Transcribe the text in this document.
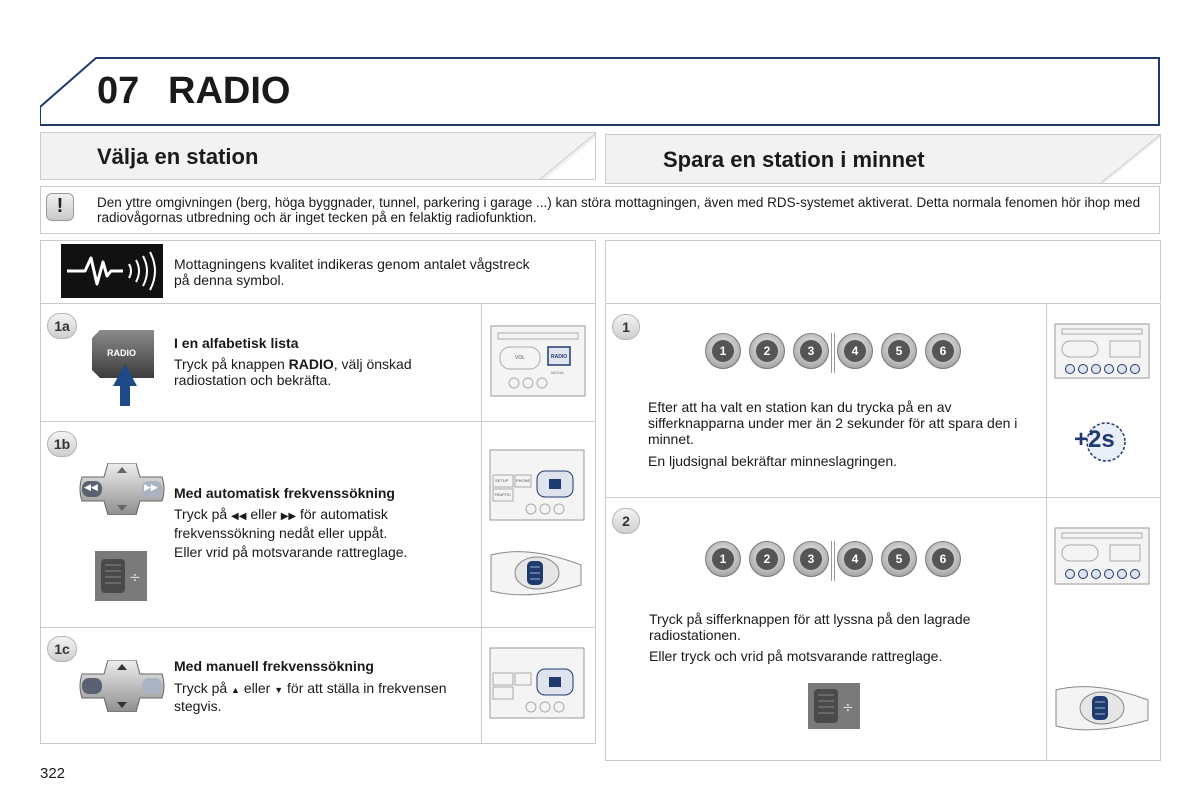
07 RADIO
Välja en station	Spara en station i minnet
!	Den yttre omgivningen (berg, höga byggnader, tunnel, parkering i garage ...) kan störa mottagningen, även med RDS-systemet aktiverat. Detta normala fenomen hör ihop med radiovågornas utbredning och är inget tecken på en felaktig radiofunktion.
Mottagningens kvalitet indikeras genom antalet vågstreck på denna symbol.
1a
RADIO
I en alfabetisk lista
Tryck på knappen RADIO, välj önskad radiostation och bekräfta.
VOL	RADIO
MEDIA
1b
◀◀	▶▶ Med automatisk frekvenssökning
Tryck på ◀◀ eller ▶▶ för automatisk frekvenssökning nedåt eller uppåt.
Eller vrid på motsvarande rattreglage.
÷
SETUP PHONE
TRAFFIC
1c
Med manuell frekvenssökning
Tryck på ▲ eller ▼ för att ställa in frekvensen stegvis.
1
1	2	3	4	5	6
Efter att ha valt en station kan du trycka på en av sifferknapparna under mer än 2 sekunder för att spara den i minnet.
En ljudsignal bekräftar minneslagringen.
+2s
2
1	2	3	4	5	6
Tryck på sifferknappen för att lyssna på den lagrade radiostationen.
Eller tryck och vrid på motsvarande rattreglage.
÷
322
